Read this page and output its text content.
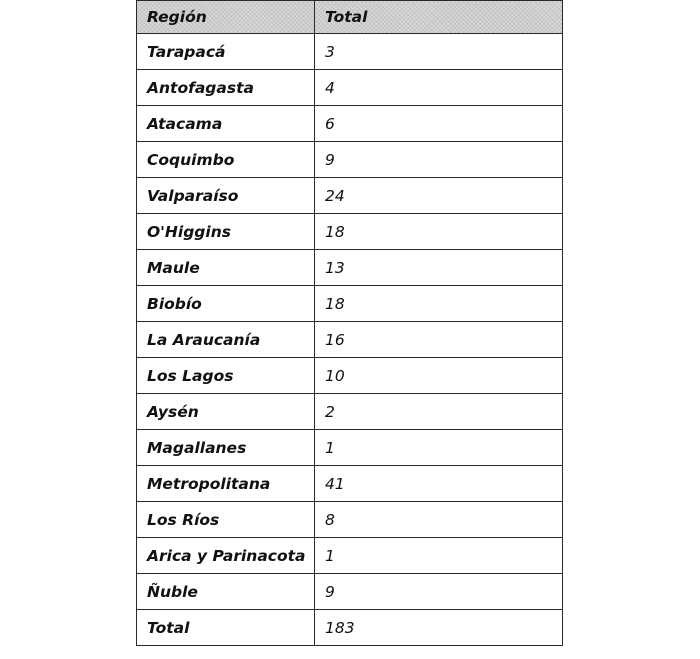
Región	Total
Tarapacá	3
Antofagasta	4
Atacama	6
Coquimbo	9
Valparaíso	24
O'Higgins	18
Maule	13
Biobío	18
La Araucanía	16
Los Lagos	10
Aysén	2
Magallanes	1
Metropolitana	41
Los Ríos	8
Arica y Parinacota	1
Ñuble	9
Total	183
